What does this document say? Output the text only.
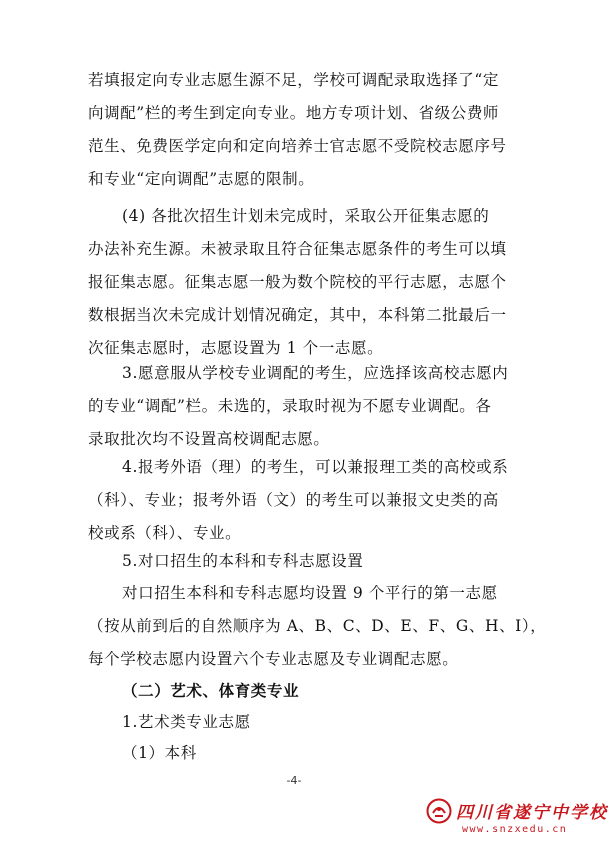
若填报定向专业志愿生源不足，学校可调配录取选择了“定
向调配”栏的考生到定向专业。地方专项计划、省级公费师
范生、免费医学定向和定向培养士官志愿不受院校志愿序号
和专业“定向调配”志愿的限制。
(4) 各批次招生计划未完成时，采取公开征集志愿的
办法补充生源。未被录取且符合征集志愿条件的考生可以填
报征集志愿。征集志愿一般为数个院校的平行志愿，志愿个
数根据当次未完成计划情况确定，其中，本科第二批最后一
次征集志愿时，志愿设置为 1 个一志愿。
3.愿意服从学校专业调配的考生，应选择该高校志愿内
的专业“调配”栏。未选的，录取时视为不愿专业调配。各
录取批次均不设置高校调配志愿。
4.报考外语（理）的考生，可以兼报理工类的高校或系
（科）、专业；报考外语（文）的考生可以兼报文史类的高
校或系（科）、专业。
5.对口招生的本科和专科志愿设置
对口招生本科和专科志愿均设置 9 个平行的第一志愿
（按从前到后的自然顺序为 A、B、C、D、E、F、G、H、I），
每个学校志愿内设置六个专业志愿及专业调配志愿。
（二）艺术、体育类专业
1.艺术类专业志愿
（1）本科
-4-
四川省遂宁中学校
www.snzxedu.cn
